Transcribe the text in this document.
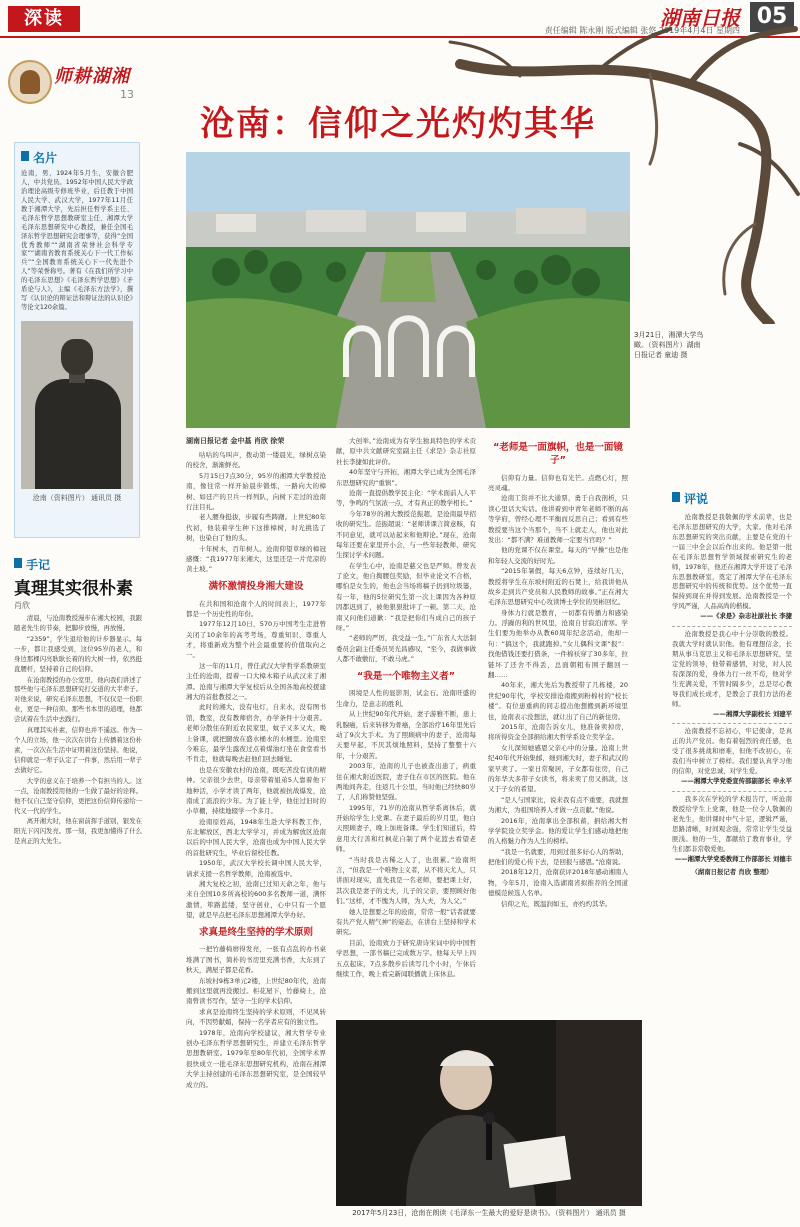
深读	湖南日报 05
责任编辑 陈永刚 版式编辑 张悠 2019年4月4日 星期四
师耕湖湘
13
沧南：信仰之光灼灼其华
名片
沧南，男，1924年5月生，安徽合肥人，中共党员。1952年中国人民大学政治理论高级专修班毕业，后任教于中国人民大学、武汉大学，1977年11月任教于湘潭大学，先后担任哲学系主任、毛泽东哲学思想教研室主任、湘潭大学毛泽东思想研究中心教授，兼任全国毛泽东哲学思想研究会理事等，获得“全国优秀教师”“湖南省荣誉社会科学专家”“湖南省教育系统关心下一代工作标兵”“全国教育系统关心下一代先进个人”等荣誉称号。著有《在我们所学习中的毛泽东思想》《毛泽东哲学思想》《矛盾论与人》，主编《毛泽东方法学》，撰写《认识论的辩证法和辩证法的认识论》等论文120余篇。
沧南（资料图片） 通讯员 摄
手记
真理其实很朴素
肖欣

清晨，与沧南教授漫步在湘大校园，我跟随老先生的节奏，把脚步放慢，再放慢。

“2359”，学生退给他的计步器显示。每一步，都让我感受到，这位95岁的老人，和身边那棵闪亮耿耿长着的的大树一样，依然挺直腰杆，坚持着自己的信仰。

在沧南教授的办公室里，他向我们讲述了那些他与毛泽东思想研究打交道的大半辈子。对他来说，研究毛泽东思想，不仅仅是一份职业，更是一种信仰。那些书本里的道理，他都尝试着在生活中去践行。

真理其实朴素，信仰也并不遥远。作为一个人的立场，他一次次在讲台上传播着这份朴素，一次次在生活中证明着这份坚持。他说，信仰就是一辈子认定了一件事，然后用一辈子去做好它。

大学的意义在于培养一个有担当的人。这一点，沧南教授用他的一生做了最好的诠释。他不仅自己坚守信仰，更把这份信仰传递给一代又一代的学生。

离开湘大时，他在窗前挥手道别，银发在阳光下闪闪发亮。那一刻，我更加懂得了什么是真正的大先生。

3月21日，湘潭大学鸟瞰。（资料图片）湖南日报记者 童迪 摄
湖南日报记者 金中基 肖欣 徐荣

咕咕的鸟叫声，拨动第一缕晨光，绿树点染的校舍，渐渐鲜亮。

5月15日7点30分，95岁的湘潭大学教授沧南，像往常一样开始晨步锻炼，一路向大的樟树、如廷产的卫兵一样列队，向树下走过的沧南行注目礼。

老人腰身挺拔，步履有些踌躇。上世纪80年代初，他装着学生种下这排樟树，时光挑选了树，也染白了他的头。

十年树木，百年树人。沧南仰望草绿的樟冠感慨：“我1977年来湘大，这里还是一片荒凉的黄土坡。”

满怀激情投身湘大建设

在共和国和沧南个人的时间表上，1977年都是一个历史性的年份。

1977年12月10日，570万中国考生走进曾关闭了10余年的高考考场，尊重知识、尊重人才，将重新成为整个社会最重要的价值取向之一。

这一年的11月，曾任武汉大学哲学系教研室主任的沧南，提着一口大樟木箱子从武汉来了湘潭。沧南与湘潭大学复校后从全国各地高校援建湘大的首批教授之一。

此时的湘大，没有电灯，自来水，没有图书馆，教室，没有教师宿舍，办学条件十分艰苦。老师分散住在附近农民家里，蚊子又多又大，晚上备课，就把腿放在盛水桶水的水桶里。沧南至今难忘，最学生露夜过点着煤油灯坐在食堂看书不肯走，他就每晚去赶他们回去睡觉。

也是在安徽农村的沧南，既吃苦没有读的精神。父亲很少去世，母亲带着姐弟5人靠着他下地种活，小学才读了两年，他就被抗战爆发，沧南成了流浪的少年。为了能上学，他住过旧时的小草棚，持续地辍学一个多月。

沧南原姓高，1948年生赴大学科教工作，东北解放区，西北大学学习，并成为解放区沧南以后的中国人民大学，沧南也成为中国人民大学的首批研究生，毕业后留校任教。

1950年，武汉大学校长调中国人民大学，请求支援一名哲学教师，沧南被选中。

湘大复校之初，沧南已过知天命之年，他与来自全国10多所高校的600多名教师一道，满怀激情，筚路蓝缕，坚守创业，心中只有一个愿望，就是早点把毛泽东思想湘潭大学办好。

求真是终生坚持的学术原则

一把竹藤椅磨得发亮，一张有点乱的办书桌堆满了图书，简朴的书房里充满书香，大东到了秋天，满屋子都是花香。

东坡村9栋3单元2楼，上世纪80年代，沧南搬到这里就再没搬过。柜花屋下，竹藤椅上，沧南曾读书写作，坚守一生的学术信仰。

求真是沧南终生坚持的学术原则，不见风转向，不因势献媚，保持一名学者应有的独立性。

1978年，沧南向学校建议，湘大哲学专业创办毛泽东哲学思想研究生，并建立毛泽东哲学思想教研室。1979年至80年代初，全国学术界很快成立一批毛泽东思想研究机构，沧南在湘潭大学主持创建的毛泽东思想研究室，是全国较早成立的。

大创举。”沧南成为有学生独具特色的学术贡献，原中共文献研究室副主任《求是》杂志社原社长李捷如此评价。

40年坚守与开拓，湘潭大学已成为全国毛泽东思想研究的“重镇”。

沧南一直提倡教学民主化：“学术面前人人平等，争鸣的气氛浓一点，才有真正的教学相长。”

今年78岁的湘大教授范振超，是沧南最早招收的研究生。范振超说：“老师讲课言简意赅，有不同意见，就可以站起来和他辩论。”现在，沧南每年还要在家里开小会，与一些年轻教师、研究生探讨学术问题。

在学生心中，沧南是慈父也是严师。曾发表了论文，他自掏腰包奖励，但毕业论文不合格，哪怕是女生的，他也会当场将稿子扔到垃圾篓，有一年，他的5位研究生第一次上课因为各种原因都迟到了，被他狠狠批评了一顿。第二天，沧南又问他们道歉：“我是把你们当成自己的孩子呀。”

“老师的严厉，我受益一生。”广东省人大法制委员会副主任委员吴光昌感叹，“至今，我做事做人都不敢敷衍，不敢马虎。”

“我是一个唯物主义者”

困境是人性的显影剂，试金石。沧南旺盛的生命力，是意志的胜利。

从上世纪90年代开始，妻子游雅不断，患上乳腺癌，后来转移为骨癌，全部治疗16年里先后动了9次大手术。为了照顾病中的妻子，沧南每天要早起，不厌其烦地照料，坚持了整整十六年，十分艰苦。

2003年，沧南的儿子也被查出患了，病重住在湘大附近医院，妻子住在市区的医院。他在两地间奔走，往返几十公里，当时他已经快80岁了，人们称赞他坚强。

1995年，71岁的沧南从哲学系离休后，就开始给学生上党课。在妻子最后的岁月里，他白天照顾妻子，晚上加班备课。学生们知道后，特意用大行善和红枫花自制了两个花篮去看望老师。

“当时我是古稀之人了，也很累。”沧南坦言，“但我是一个唯物主义者，从不将天尤人，只讲面对现实，直先我是一名老师，要把课上好，其次我是妻子的丈夫，儿子的父亲，要照顾好他们。”这样，才不愧为人师，为人夫，为人父。”

她人是想要之年的沧南，常常一般“话者就要有共产党人精气神”的姿态，在讲台上坚持和学术研究。

目前，沧南致力于研究唐诗宋词中的中国哲学思想，一部书稿已完成数万字。他每天早上四五点起床，7点多散步后读写几个小时，午休后继续工作，晚上看完新闻联播就上床休息。

“老师是一面旗帜，也是一面镜子”

信仰有力量。信仰也有光芒。点燃心灯，照亮灵魂。

沧南工资并不比大通票，勇于自我剖析，只读心里话大实话。他讲着到中青年老师不断的高等学府，曾经心理不平衡而反思自己；看到有些教授要当这个当那个，当不上就走人，他也对此发出：“都不满？难道教师一定要当官吗？”

他的党课不仅在课堂。每天的“早操”也是他和年轻人交流的好时光。

“2015年暑假，每天6点钟，连续好几天，教授将学生在东坡村附近的石凳上，给我讲他从故乡走到共产党员和人民教师的故事。”正在湘大毛泽东思想研究中心攻读博士学位的吴彬回忆。

身体力行就是教育，一切都有传播力和感染力。浮躁的利的世风里，沧南自甘寂泊清寒。学生们要为他举办从教60周年纪念活动，他却一句：“搞这个，我就跑掉。”女儿偶科文课“报”：找他借钱还要打借条，一件棉袄穿了30多年，拉链坏了还舍不得丢，总面朝粗布围子翻回一翻……

40年来，湘大先后为教授带了几栋楼，20世纪90年代，学校安排沧南搬到粉棉村的“校长楼”。有位患重病的同志提出他想搬到新环境里住，沧南表示没想法，就让出了自己的新住房。

2015年，沧南告诉女儿，他准备卖掉房，将所得资金全部捐给湘大哲学系设立奖学金。

女儿深知她感恩父亲心中的分量。沧南上世纪40年代开始集邮，细到湘大时，妻子和武汉的家早卖了。一家日常聚居，子女都有住房，自己的年华大多带子女读书，将来卖了房又捐款，这又于子女的希望。

“是人与国家比，说来我有点不重要，我就想为湘大，为祖国培养人才做一点贡献。”他说。

2016年，沧南拿出全部积蓄，捐给湘大哲学学院设立奖学金。他的爱让学生们感动地把他的人格魅力作为人生的榜样。

“我是一名就要，用到过很多好心人的帮助，把他们的爱心传下去，是回报与感恩。”沧南说。

2018年12月，沧南获评2018年感动湘南人物，今年5月，沧南入选湖南省拟推荐的全国道德模范候选人名单。

信仰之光，既温润如玉，亦灼灼其华。

2017年5月23日，沧南在朗读《毛泽东一生最大的爱好是读书》。（资料图片） 通讯员 摄
评说

沧南教授是我敬佩的学术前辈，也是毛泽东思想研究的大学，大家。他对毛泽东思想研究的突出贡献，主要是在党的十一届三中全会以后作出来的。他是第一批在毛泽东思想哲学领域探索研究生的老师，1978年，他还在湘潭大学开设了毛泽东思想教研室，奠定了湘潭大学在毛泽东思想研究中的传统和优势。这个优势一直保持到现在并得到发展。沧南教授是一个学风严谨，人品高尚的楷模。

——《求是》杂志社原社长 李捷

沧南教授是我心中十分崇敬的教授。我就大学时就认识他。他有理想信念，长期从事马克思主义和毛泽东思想研究，坚定党的领导，他带着感情，对党，对人民有深深的爱，身体力行一丝不苟，他对学生充满关爱，不管时隔多少，总是尽心教导我们成长成才，是教会了我们方法的老师。

——湘潭大学副校长 刘建平

沧南教授不忘初心，牢记使命，是真正的共产党员。他有着强烈的责任感，也受了很多挑战和磨难，但他不改初心，在我们当中树立了榜样。我们要认真学习他的信仰，对党忠诚，对学生爱。

——湘潭大学党委宣传部副部长 申永平

我多次在学校的学术报告厅，听沧南教授给学生上党课，他是一位令人敬佩的老先生，他讲课时中气十足，逻辑严谨，思路清晰，时间观念强，常常让学生受益匪浅。他的一生，都献给了教育事业，学生们都非常敬爱他。

——湘潭大学党委教师工作部部长 刘德丰

（湖南日报记者 肖欣 整理）
